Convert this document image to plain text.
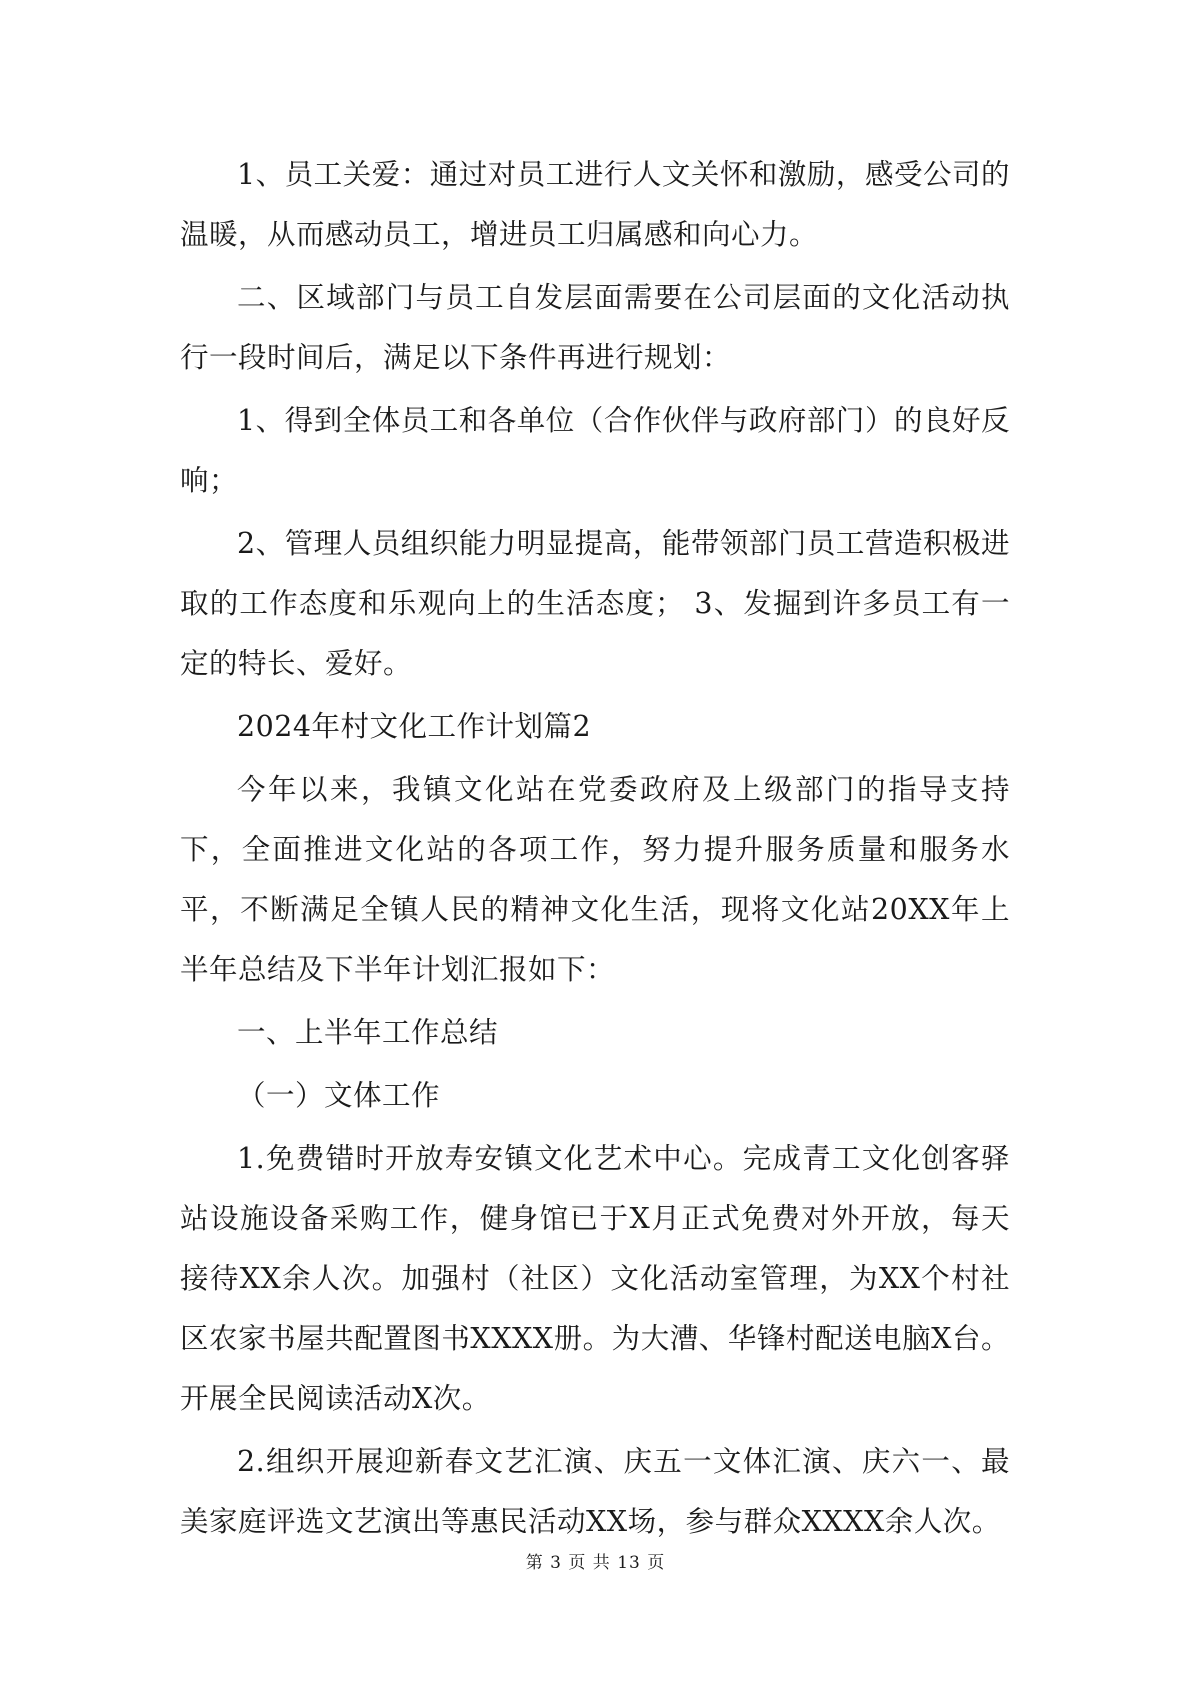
1、员工关爱：通过对员工进行人文关怀和激励，感受公司的温暖，从而感动员工，增进员工归属感和向心力。

二、区域部门与员工自发层面需要在公司层面的文化活动执行一段时间后，满足以下条件再进行规划：

1、得到全体员工和各单位（合作伙伴与政府部门）的良好反响；

2、管理人员组织能力明显提高，能带领部门员工营造积极进取的工作态度和乐观向上的生活态度； 3、发掘到许多员工有一定的特长、爱好。

2024年村文化工作计划篇2

今年以来，我镇文化站在党委政府及上级部门的指导支持下，全面推进文化站的各项工作，努力提升服务质量和服务水平，不断满足全镇人民的精神文化生活，现将文化站20XX年上半年总结及下半年计划汇报如下：

一、上半年工作总结

（一）文体工作

1.免费错时开放寿安镇文化艺术中心。完成青工文化创客驿站设施设备采购工作，健身馆已于X月正式免费对外开放，每天接待XX余人次。加强村（社区）文化活动室管理，为XX个村社区农家书屋共配置图书XXXX册。为大漕、华锋村配送电脑X台。开展全民阅读活动X次。

2.组织开展迎新春文艺汇演、庆五一文体汇演、庆六一、最美家庭评选文艺演出等惠民活动XX场，参与群众XXXX余人次。

第 3 页 共 13 页
